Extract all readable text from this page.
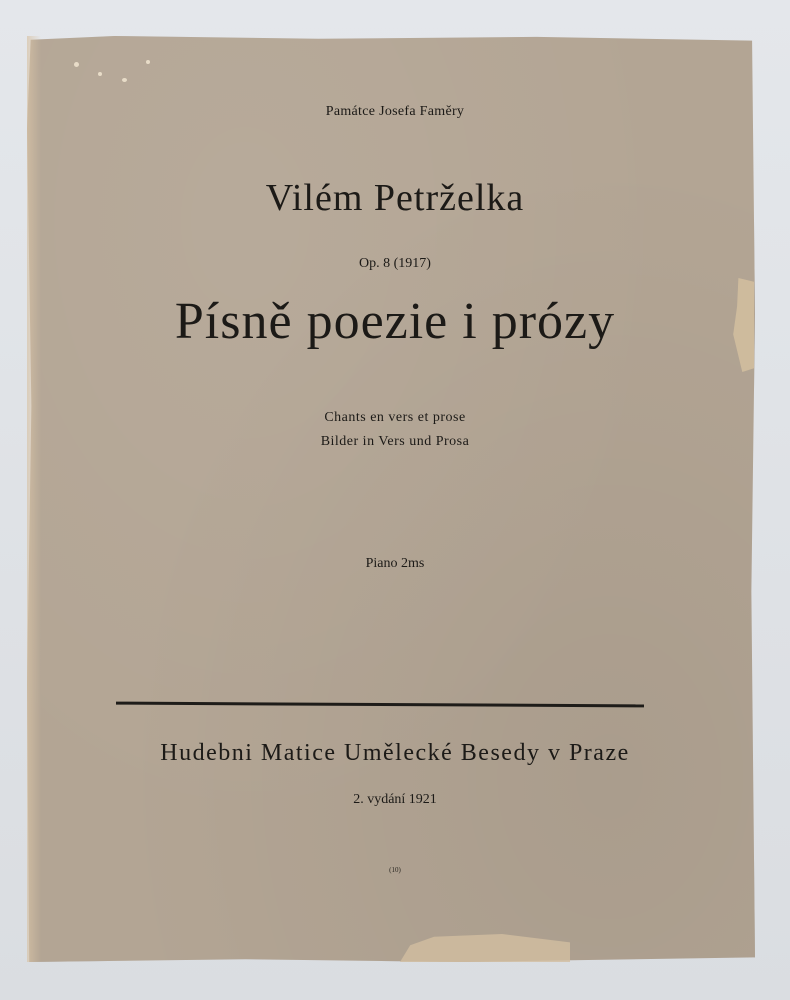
Památce Josefa Faměry

Vilém Petrželka

Op. 8 (1917)

Písně poezie i prózy

Chants en vers et prose

Bilder in Vers und Prosa

Piano 2ms

Hudebni Matice Umělecké Besedy v Praze

2. vydání 1921

(10)
